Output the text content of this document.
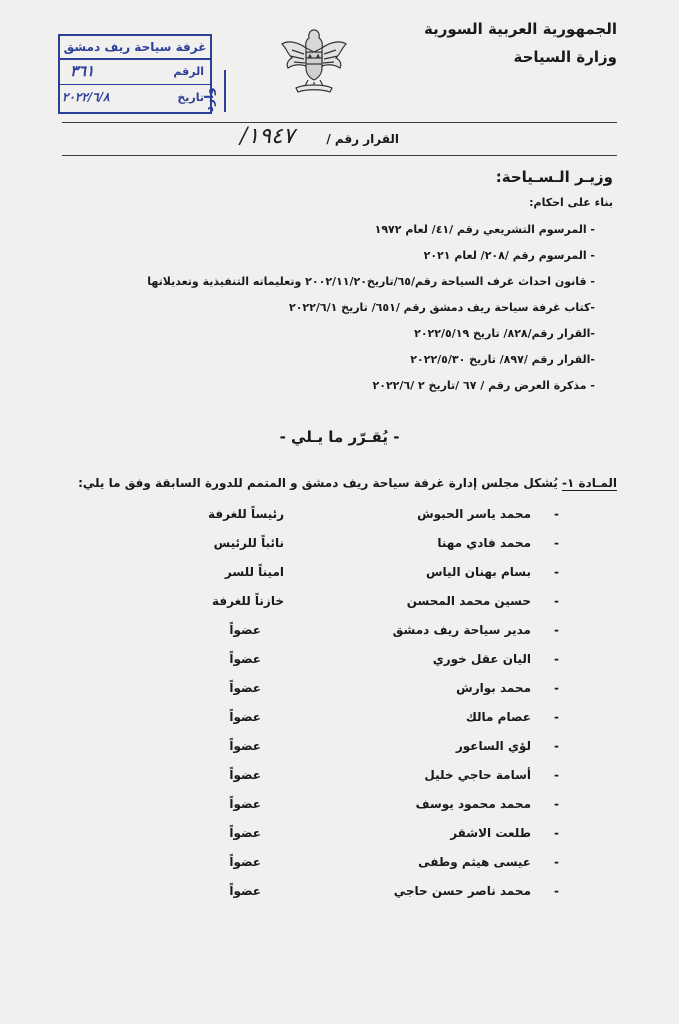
الجمهورية العربية السورية
وزارة السياحة
غرفة سياحة ريف دمشق
الرقم
٣٦١
تاريخ
٢٠٢٢/٦/٨	وارد
القرار رقم /
/١٩٤٧
وزيـر الـسـياحة:
بناء على احكام:
- المرسوم التشريعي رقم /٤١/ لعام ١٩٧٢
- المرسوم رقم /٢٠٨/ لعام ٢٠٢١
- قانون احداث غرف السياحة رقم/٦٥/تاريخ٢٠٠٢/١١/٢٠ وتعليماته التنفيذية وتعديلاتها
-كتاب غرفة سياحة ريف دمشق رقم /٦٥١/ تاريخ ٢٠٢٢/٦/١
-القرار رقم/٨٢٨/ تاريخ ٢٠٢٢/٥/١٩
-القرار رقم /٨٩٧/ تاريخ ٢٠٢٢/٥/٣٠
- مذكرة العرض رقم / ٦٧ /تاريخ ٢ /٢٠٢٢/٦
- يُقـرّر ما يـلي -
المـادة ١- يُشكل مجلس إدارة غرفة سياحة ريف دمشق و المتمم للدورة السابقة وفق ما يلي:
-
محمد ياسر الحبوش
رئيساً للغرفة
-
محمد فادي مهنا
نائباً للرئيس
-
بسام بهنان الياس
اميناً للسر
-
حسين محمد المحسن
خازناً للغرفة
-
مدير سياحة ريف دمشق
عضواً
-
اليان عقل خوري
عضواً
-
محمد بوارش
عضواً
-
عصام مالك
عضواً
-
لؤي الساعور
عضواً
-
أسامة حاجي خليل
عضواً
-
محمد محمود يوسف
عضواً
-
طلعت الاشقر
عضواً
-
عيسى هيثم وطفى
عضواً
-
محمد ناصر حسن حاجي
عضواً
